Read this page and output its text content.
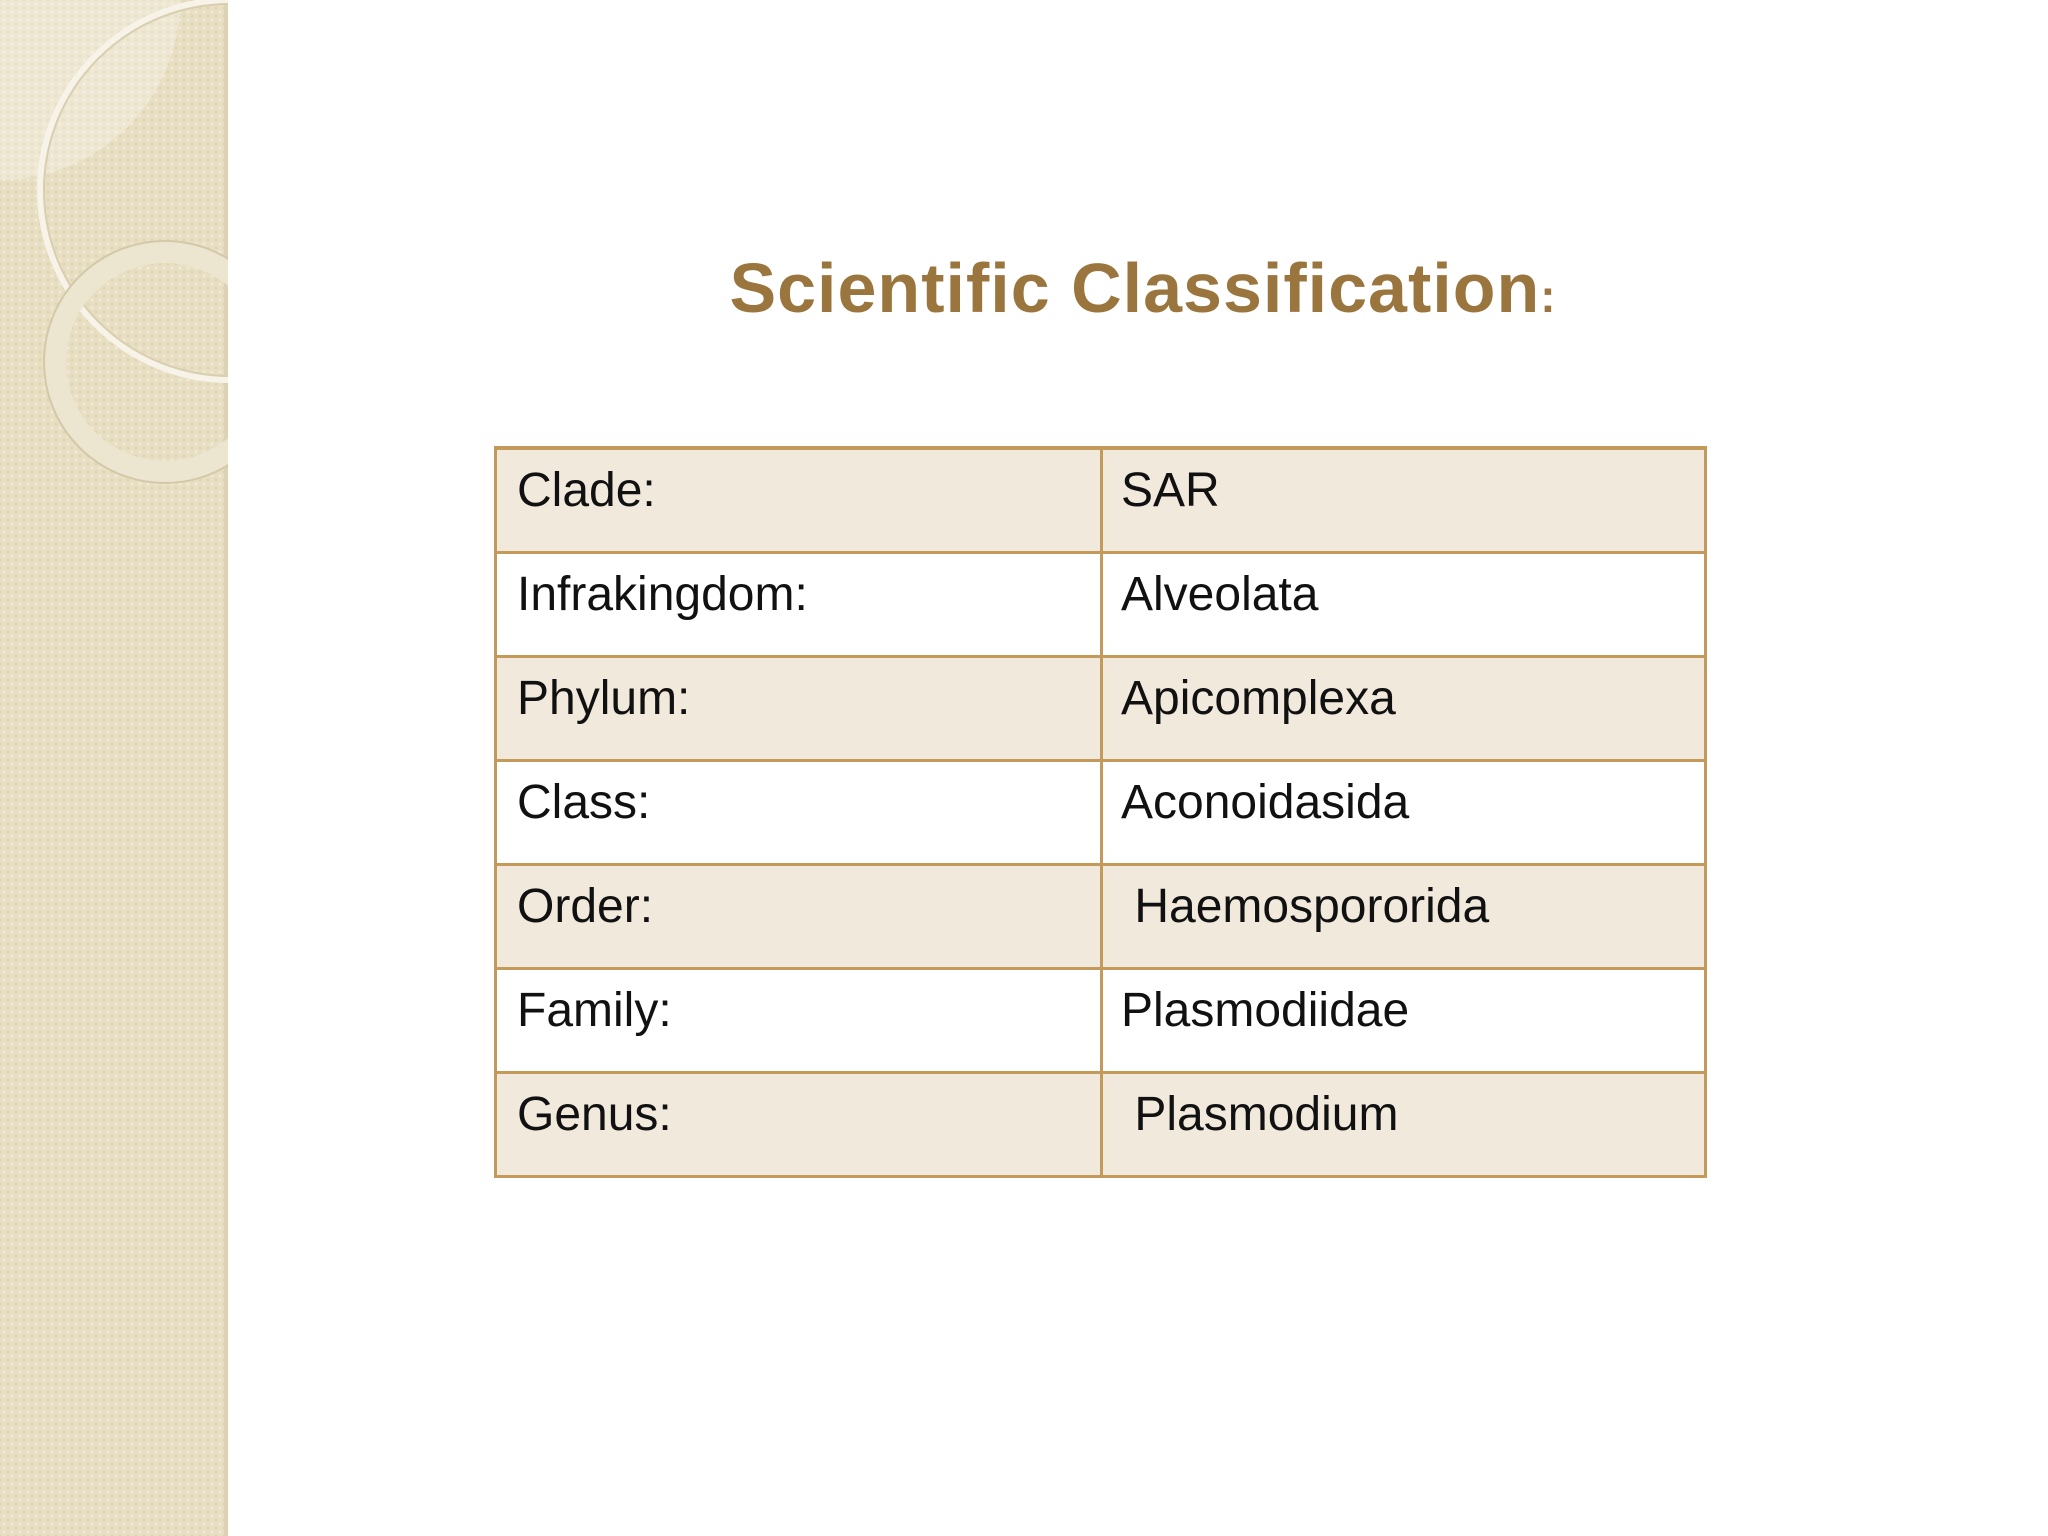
Scientific Classification:
Clade:	SAR
Infrakingdom:	Alveolata
Phylum:	Apicomplexa
Class:	Aconoidasida
Order:	Haemospororida
Family:	Plasmodiidae
Genus:	Plasmodium
